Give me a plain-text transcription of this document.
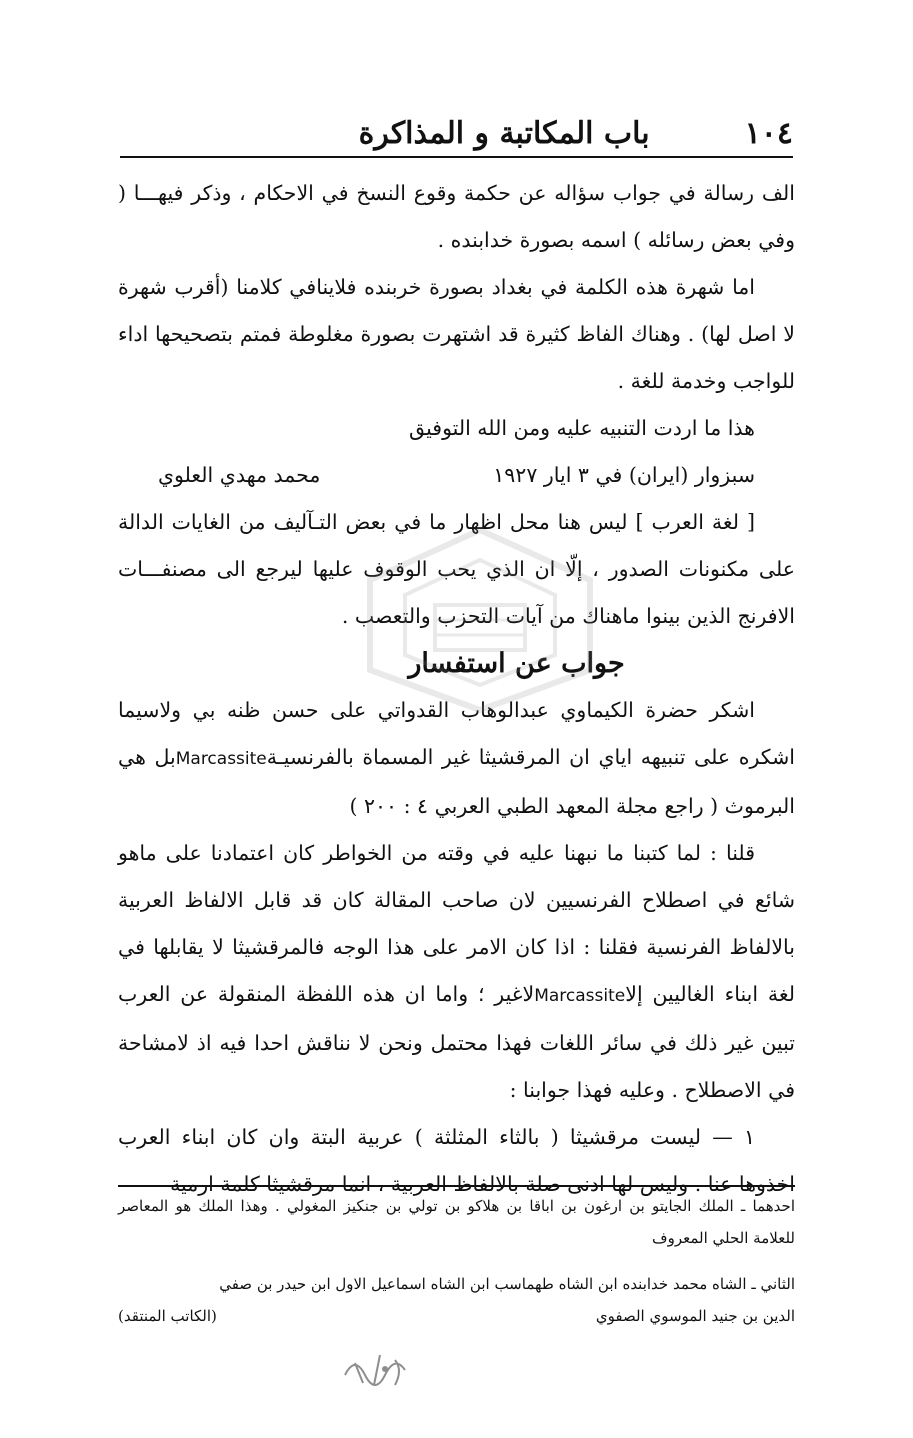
١٠٤
باب المكاتبة و المذاكرة

الف رسالة في جواب سؤاله عن حكمة وقوع النسخ في الاحكام ، وذكر فيهـــا ( وفي بعض رسائله ) اسمه بصورة خدابنده .

اما شهرة هذه الكلمة في بغداد بصورة خربنده فلاينافي كلامنا (أقرب شهرة لا اصل لها) . وهناك الفاظ كثيرة قد اشتهرت بصورة مغلوطة فمتم بتصحيحها اداء للواجب وخدمة للغة .

هذا ما اردت التنبيه عليه ومن الله التوفيق

سبزوار (ايران) في ٣ ايار ١٩٢٧
محمد مهدي العلوي

[ لغة العرب ] ليس هنا محل اظهار ما في بعض التـآليف من الغايات الدالة على مكنونات الصدور ، إلّا ان الذي يحب الوقوف عليها ليرجع الى مصنفـــات الافرنج الذين بينوا ماهناك من آيات التحزب والتعصب .

جواب عن استفسار

اشكر حضرة الكيماوي عبدالوهاب القدواتي على حسن ظنه بي ولاسيما اشكره على تنبيهه اياي ان المرقشيثا غير المسماة بالفرنسيـةMarcassiteبل هي البرموث ( راجع مجلة المعهد الطبي العربي ٤ : ٢٠٠ )

قلنا : لما كتبنا ما نبهنا عليه في وقته من الخواطر كان اعتمادنا على ماهو شائع في اصطلاح الفرنسيين لان صاحب المقالة كان قد قابل الالفاظ العربية بالالفاظ الفرنسية فقلنا : اذا كان الامر على هذا الوجه فالمرقشيثا لا يقابلها في لغة ابناء الغاليين إلاMarcassiteلاغير ؛ واما ان هذه اللفظة المنقولة عن العرب تبين غير ذلك في سائر اللغات فهذا محتمل ونحن لا نناقش احدا فيه اذ لامشاحة في الاصطلاح . وعليه فهذا جوابنا :

١ — ليست مرقشيثا ( بالثاء المثلثة ) عربية البتة وان كان ابناء العرب اخذوها عنا . وليس لها ادنى صلة بالالفاظ العربية ، انما مرقشيثا كلمة ارمية

احدهما ـ الملك الجايتو بن ارغون بن اباقا بن هلاكو بن تولي بن جنكيز المغولي . وهذا الملك هو المعاصر للعلامة الحلي المعروف

الثاني ـ الشاه محمد خدابنده ابن الشاه طهماسب ابن الشاه اسماعيل الاول ابن حيدر بن صفي

الدين بن جنيد الموسوي الصفوي
(الكاتب المنتقد)
